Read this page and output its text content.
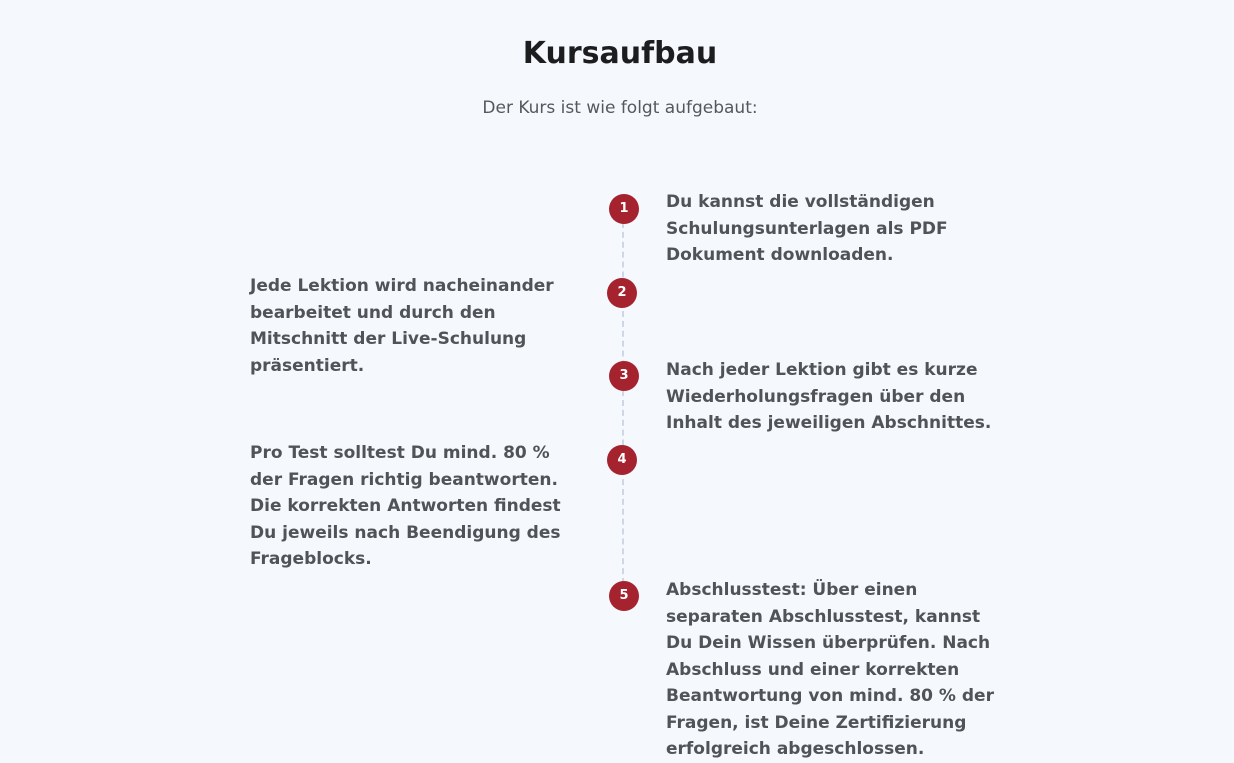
Kursaufbau
Der Kurs ist wie folgt aufgebaut:
1	Du kannst die vollständigen Schulungsunterlagen als PDF Dokument downloaden.
2
Jede Lektion wird nacheinander bearbeitet und durch den Mitschnitt der Live-Schulung präsentiert.	3	Nach jeder Lektion gibt es kurze Wiederholungsfragen über den Inhalt des jeweiligen Abschnittes.
4
Pro Test solltest Du mind. 80 % der Fragen richtig beantworten. Die korrekten Antworten findest Du jeweils nach Beendigung des Frageblocks.
5	Abschlusstest: Über einen separaten Abschlusstest, kannst Du Dein Wissen überprüfen. Nach Abschluss und einer korrekten Beantwortung von mind. 80 % der Fragen, ist Deine Zertifizierung erfolgreich abgeschlossen.
